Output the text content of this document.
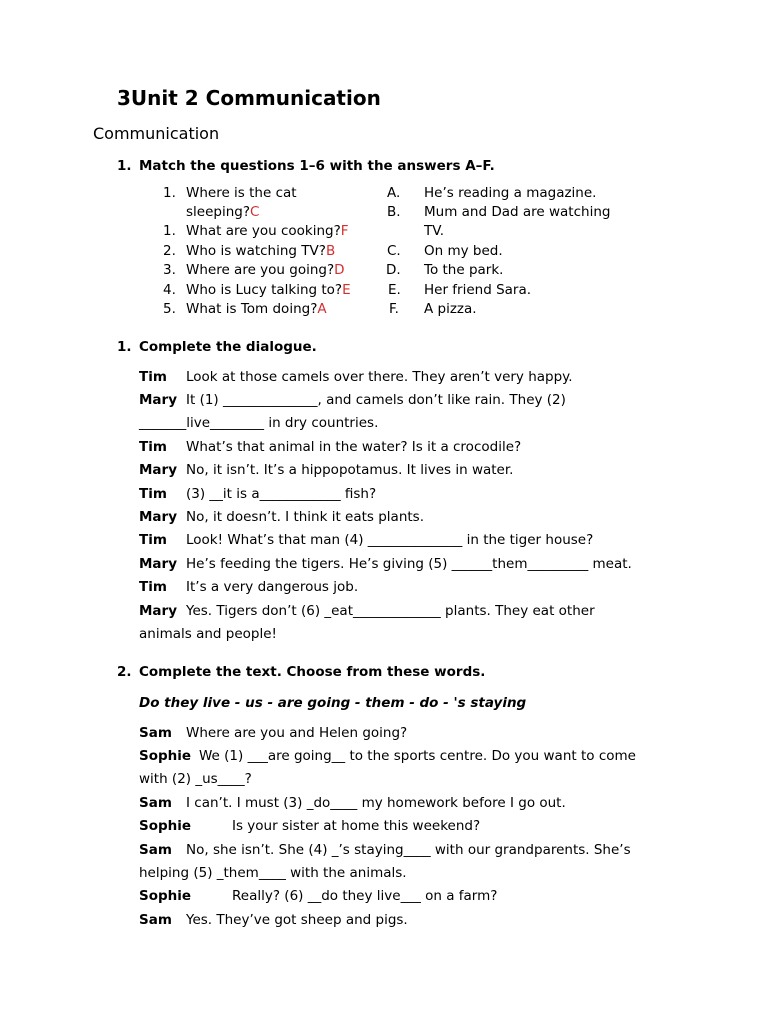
3Unit 2 Communication
Communication
1. Match the questions 1–6 with the answers A–F.
1. Where is the cat
sleeping?C
1. What are you cooking?F
2. Who is watching TV?B
3. Where are you going?D
4. Who is Lucy talking to?E
5. What is Tom doing?A
A. He’s reading a magazine.
B. Mum and Dad are watching
TV.
C. On my bed.
D. To the park.
E. Her friend Sara.
F. A pizza.
1. Complete the dialogue.
Tim Look at those camels over there. They aren’t very happy.
Mary It (1) ______________, and camels don’t like rain. They (2)
_______live________ in dry countries.
Tim What’s that animal in the water? Is it a crocodile?
Mary No, it isn’t. It’s a hippopotamus. It lives in water.
Tim (3) __it is a____________ fish?
Mary No, it doesn’t. I think it eats plants.
Tim Look! What’s that man (4) ______________ in the tiger house?
Mary He’s feeding the tigers. He’s giving (5) ______them_________ meat.
Tim It’s a very dangerous job.
Mary Yes. Tigers don’t (6) _eat_____________ plants. They eat other
animals and people!
2. Complete the text. Choose from these words.
Do they live - us - are going - them - do - 's staying
Sam Where are you and Helen going?
Sophie We (1) ___are going__ to the sports centre. Do you want to come
with (2) _us____?
Sam I can’t. I must (3) _do____ my homework before I go out.
Sophie	Is your sister at home this weekend?
Sam No, she isn’t. She (4) _’s staying____ with our grandparents. She’s
helping (5) _them____ with the animals.
Sophie	Really? (6) __do they live___ on a farm?
Sam Yes. They’ve got sheep and pigs.
